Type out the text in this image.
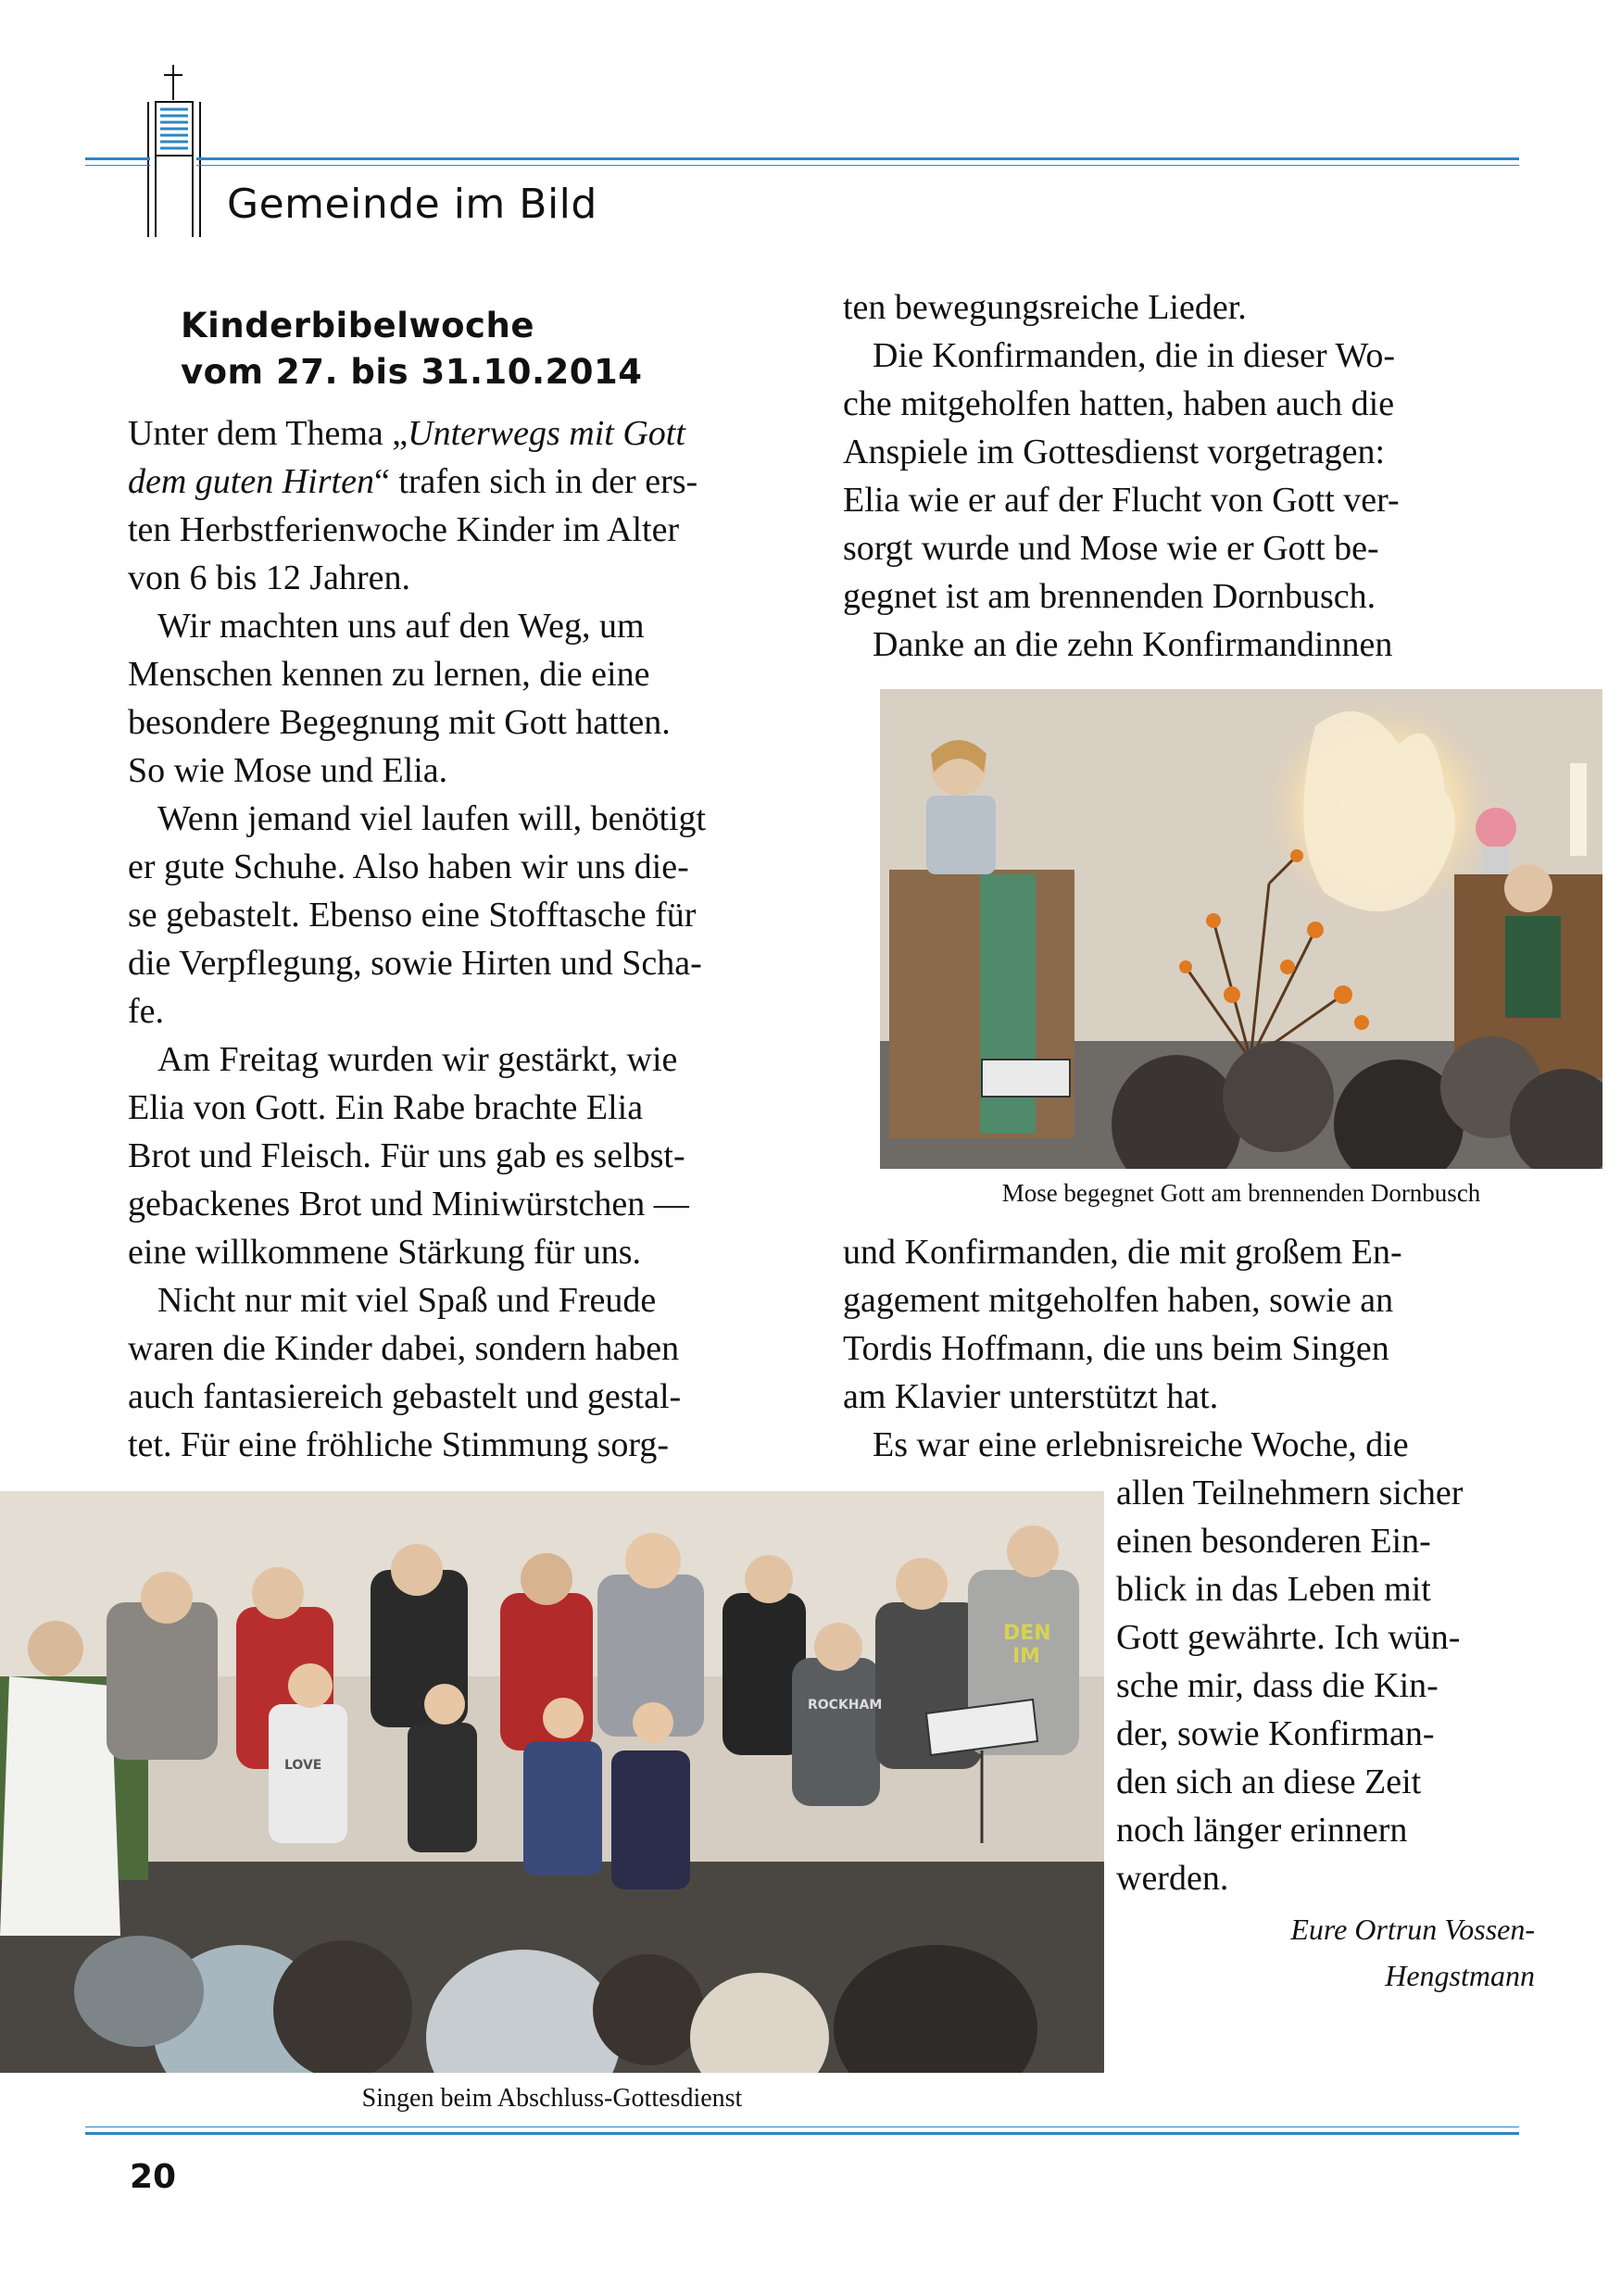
Gemeinde im Bild
Kinderbibelwoche
vom 27. bis 31.10.2014

Unter dem Thema „Unterwegs mit Gott

dem guten Hirten“ trafen sich in der ers-

ten Herbstferienwoche Kinder im Alter

von 6 bis 12 Jahren.

Wir machten uns auf den Weg, um

Menschen kennen zu lernen, die eine

besondere Begegnung mit Gott hatten.

So wie Mose und Elia.

Wenn jemand viel laufen will, benötigt

er gute Schuhe. Also haben wir uns die-

se gebastelt. Ebenso eine Stofftasche für

die Verpflegung, sowie Hirten und Scha-

fe.

Am Freitag wurden wir gestärkt, wie

Elia von Gott. Ein Rabe brachte Elia

Brot und Fleisch. Für uns gab es selbst-

gebackenes Brot und Miniwürstchen —

eine willkommene Stärkung für uns.

Nicht nur mit viel Spaß und Freude

waren die Kinder dabei, sondern haben

auch fantasiereich gebastelt und gestal-

tet. Für eine fröhliche Stimmung sorg-

ten bewegungsreiche Lieder.

Die Konfirmanden, die in dieser Wo-

che mitgeholfen hatten, haben auch die

Anspiele im Gottesdienst vorgetragen:

Elia wie er auf der Flucht von Gott ver-

sorgt wurde und Mose wie er Gott be-

gegnet ist am brennenden Dornbusch.

Danke an die zehn Konfirmandinnen

Mose begegnet Gott am brennenden Dornbusch

und Konfirmanden, die mit großem En-

gagement mitgeholfen haben, sowie an

Tordis Hoffmann, die uns beim Singen

am Klavier unterstützt hat.

Es war eine erlebnisreiche Woche, die

allen Teilnehmern sicher

einen besonderen Ein-

blick in das Leben mit

Gott gewährte. Ich wün-

sche mir, dass die Kin-

der, sowie Konfirman-

den sich an diese Zeit

noch länger erinnern

werden.

Eure Ortrun Vossen-
Hengstmann
DEN
IM
ROCKHAM
LOVE
Singen beim Abschluss-Gottesdienst
20
